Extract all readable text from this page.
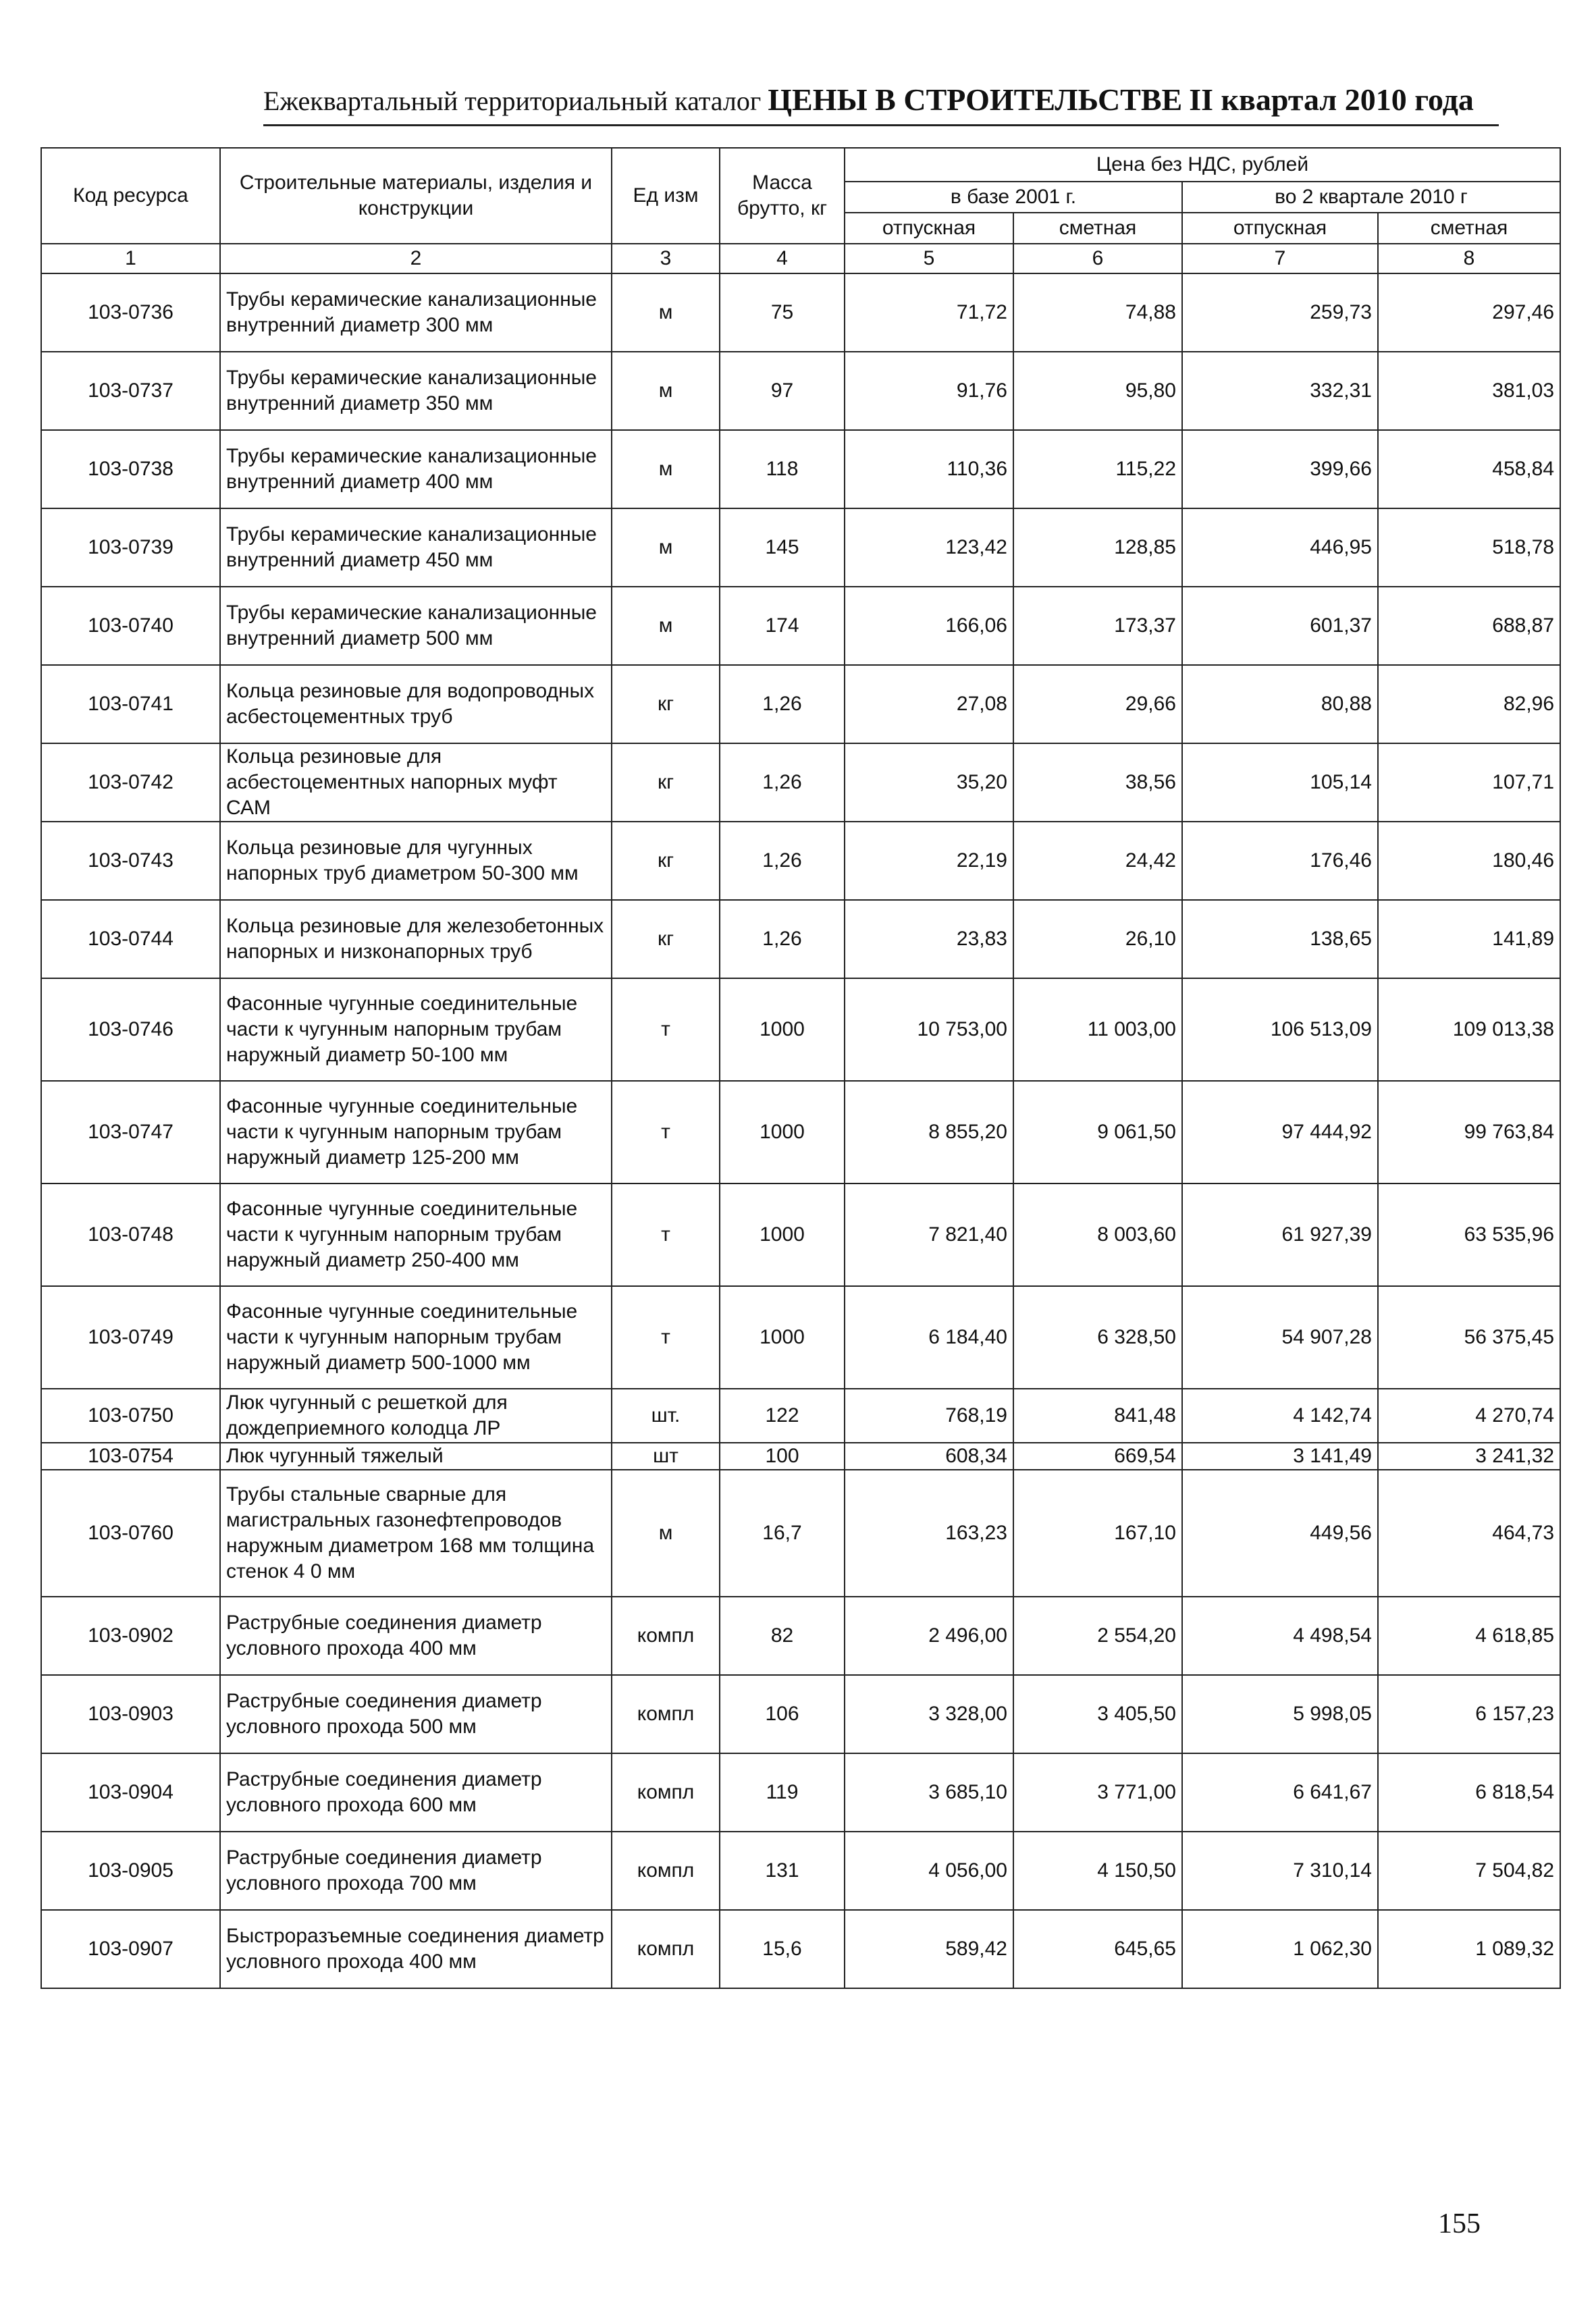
Ежеквартальный территориальный каталог ЦЕНЫ В СТРОИТЕЛЬСТВЕ II квартал 2010 года
Код ресурса	Строительные материалы, изделия и конструкции	Ед изм	Масса брутто, кг	Цена без НДС, рублей			
				в базе 2001 г.		во 2 квартале 2010 г	
				отпускная	сметная	отпускная	сметная
1	2	3	4	5	6	7	8
103-0736	Трубы керамические канализационные внутренний диаметр 300 мм	м	75	71,72	74,88	259,73	297,46
103-0737	Трубы керамические канализационные внутренний диаметр 350 мм	м	97	91,76	95,80	332,31	381,03
103-0738	Трубы керамические канализационные внутренний диаметр 400 мм	м	118	110,36	115,22	399,66	458,84
103-0739	Трубы керамические канализационные внутренний диаметр 450 мм	м	145	123,42	128,85	446,95	518,78
103-0740	Трубы керамические канализационные внутренний диаметр 500 мм	м	174	166,06	173,37	601,37	688,87
103-0741	Кольца резиновые для водопроводных асбестоцементных труб	кг	1,26	27,08	29,66	80,88	82,96
103-0742	Кольца резиновые для асбестоцементных напорных муфт САМ	кг	1,26	35,20	38,56	105,14	107,71
103-0743	Кольца резиновые для чугунных напорных труб диаметром 50-300 мм	кг	1,26	22,19	24,42	176,46	180,46
103-0744	Кольца резиновые для железобетонных напорных и низконапорных труб	кг	1,26	23,83	26,10	138,65	141,89
103-0746	Фасонные чугунные соединительные части к чугунным напорным трубам наружный диаметр 50-100 мм	т	1000	10 753,00	11 003,00	106 513,09	109 013,38
103-0747	Фасонные чугунные соединительные части к чугунным напорным трубам наружный диаметр 125-200 мм	т	1000	8 855,20	9 061,50	97 444,92	99 763,84
103-0748	Фасонные чугунные соединительные части к чугунным напорным трубам наружный диаметр 250-400 мм	т	1000	7 821,40	8 003,60	61 927,39	63 535,96
103-0749	Фасонные чугунные соединительные части к чугунным напорным трубам наружный диаметр 500-1000 мм	т	1000	6 184,40	6 328,50	54 907,28	56 375,45
103-0750	Люк чугунный с решеткой для дождеприемного колодца ЛР	шт.	122	768,19	841,48	4 142,74	4 270,74
103-0754	Люк чугунный тяжелый	шт	100	608,34	669,54	3 141,49	3 241,32
103-0760	Трубы стальные сварные для магистральных газонефтепроводов наружным диаметром 168 мм толщина стенок 4 0 мм	м	16,7	163,23	167,10	449,56	464,73
103-0902	Раструбные соединения диаметр условного прохода 400 мм	компл	82	2 496,00	2 554,20	4 498,54	4 618,85
103-0903	Раструбные соединения диаметр условного прохода 500 мм	компл	106	3 328,00	3 405,50	5 998,05	6 157,23
103-0904	Раструбные соединения диаметр условного прохода 600 мм	компл	119	3 685,10	3 771,00	6 641,67	6 818,54
103-0905	Раструбные соединения диаметр условного прохода 700 мм	компл	131	4 056,00	4 150,50	7 310,14	7 504,82
103-0907	Быстроразъемные соединения диаметр условного прохода 400 мм	компл	15,6	589,42	645,65	1 062,30	1 089,32
155
